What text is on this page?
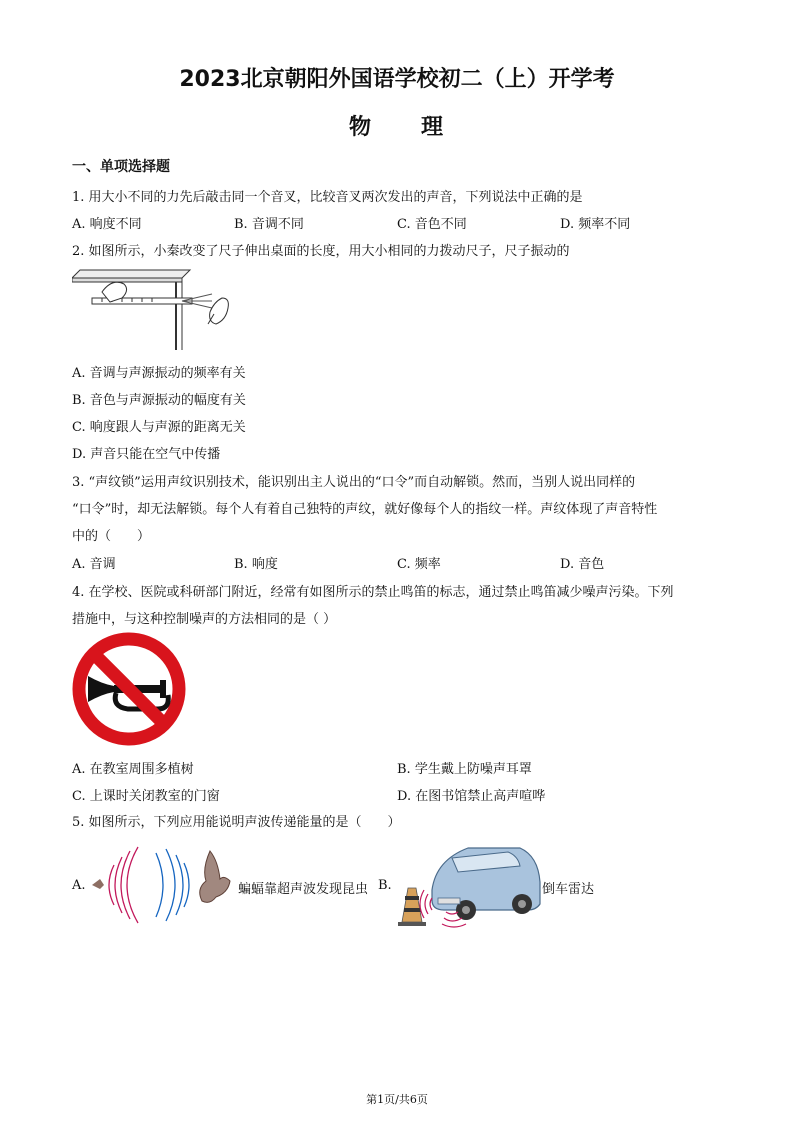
2023北京朝阳外国语学校初二（上）开学考
物　　理
一、单项选择题
1. 用大小不同的力先后敲击同一个音叉，比较音叉两次发出的声音，下列说法中正确的是
A. 响度不同	B. 音调不同	C. 音色不同	D. 频率不同
2. 如图所示，小秦改变了尺子伸出桌面的长度，用大小相同的力拨动尺子，尺子振动的
A. 音调与声源振动的频率有关
B. 音色与声源振动的幅度有关
C. 响度跟人与声源的距离无关
D. 声音只能在空气中传播
3. “声纹锁”运用声纹识别技术，能识别出主人说出的“口令”而自动解锁。然而，当别人说出同样的
“口令”时，却无法解锁。每个人有着自己独特的声纹，就好像每个人的指纹一样。声纹体现了声音特性
中的（　　）
A. 音调	B. 响度	C. 频率	D. 音色
4. 在学校、医院或科研部门附近，经常有如图所示的禁止鸣笛的标志，通过禁止鸣笛减少噪声污染。下列
措施中，与这种控制噪声的方法相同的是（ ）
A. 在教室周围多植树	B. 学生戴上防噪声耳罩
C. 上课时关闭教室的门窗	D. 在图书馆禁止高声喧哗
5. 如图所示，下列应用能说明声波传递能量的是（　　）
A.	蝙蝠靠超声波发现昆虫 B.	倒车雷达
第1页/共6页
